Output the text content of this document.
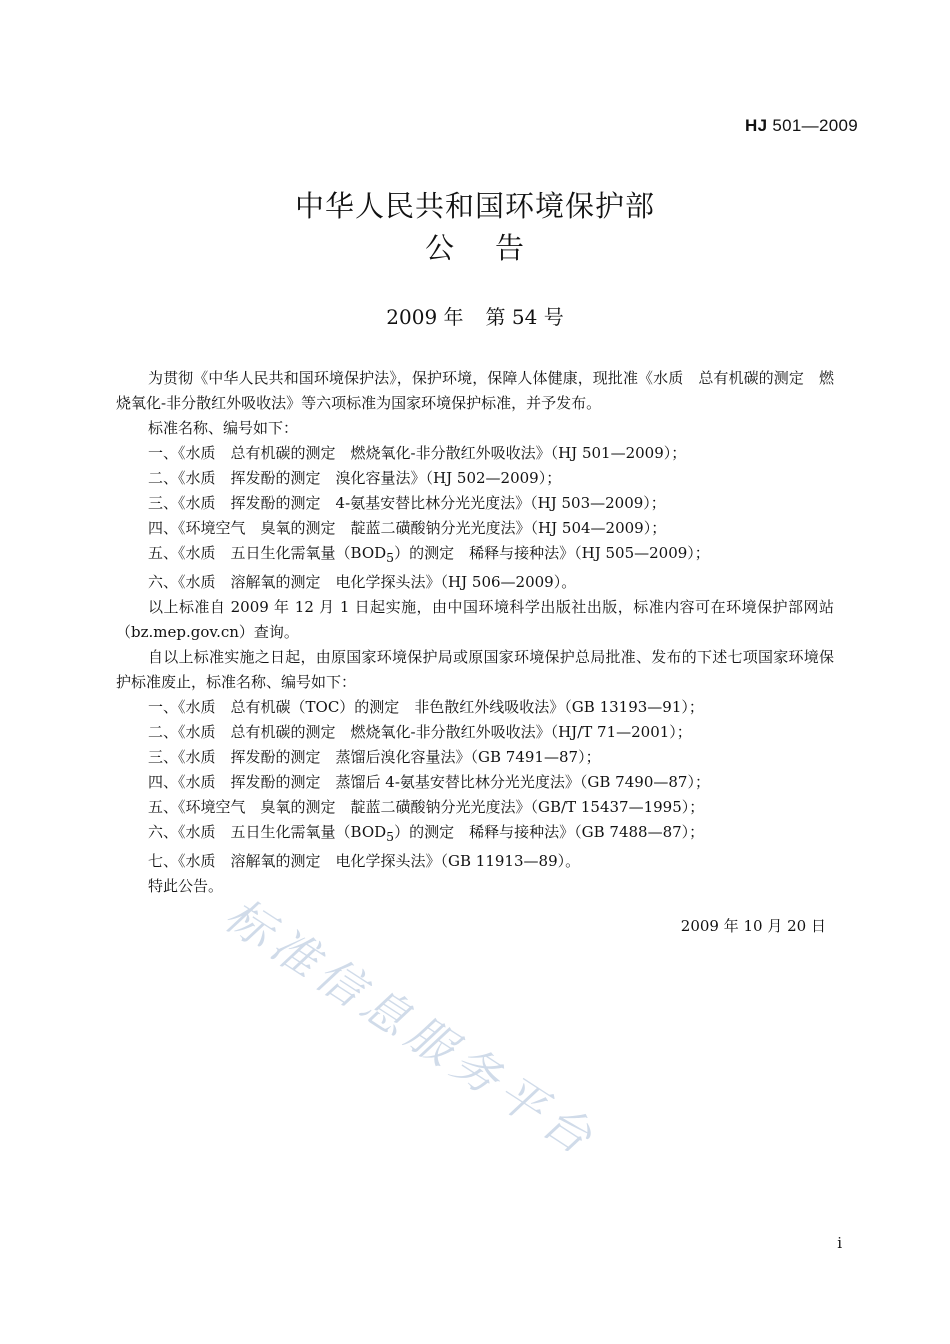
HJ 501—2009
中华人民共和国环境保护部
公 告
2009 年 第 54 号

为贯彻《中华人民共和国环境保护法》，保护环境，保障人体健康，现批准《水质 总有机碳的测定 燃烧氧化-非分散红外吸收法》等六项标准为国家环境保护标准，并予发布。

标准名称、编号如下：

一、《水质 总有机碳的测定 燃烧氧化-非分散红外吸收法》（HJ 501—2009）；

二、《水质 挥发酚的测定 溴化容量法》（HJ 502—2009）；

三、《水质 挥发酚的测定 4-氨基安替比林分光光度法》（HJ 503—2009）；

四、《环境空气 臭氧的测定 靛蓝二磺酸钠分光光度法》（HJ 504—2009）；

五、《水质 五日生化需氧量$(BOD_5)$的测定 稀释与接种法》（HJ 505—2009）；

六、《水质 溶解氧的测定 电化学探头法》（HJ 506—2009）。

以上标准自 2009 年 12 月 1 日起实施，由中国环境科学出版社出版，标准内容可在环境保护部网站（bz.mep.gov.cn）查询。

自以上标准实施之日起，由原国家环境保护局或原国家环境保护总局批准、发布的下述七项国家环境保护标准废止，标准名称、编号如下：

一、《水质 总有机碳（TOC）的测定 非色散红外线吸收法》（GB 13193—91）；

二、《水质 总有机碳的测定 燃烧氧化-非分散红外吸收法》（HJ/T 71—2001）；

三、《水质 挥发酚的测定 蒸馏后溴化容量法》（GB 7491—87）；

四、《水质 挥发酚的测定 蒸馏后 4-氨基安替比林分光光度法》（GB 7490—87）；

五、《环境空气 臭氧的测定 靛蓝二磺酸钠分光光度法》（GB/T 15437—1995）；

六、《水质 五日生化需氧量$(BOD_5)$的测定 稀释与接种法》（GB 7488—87）；

七、《水质 溶解氧的测定 电化学探头法》（GB 11913—89）。

特此公告。

2009 年 10 月 20 日
i
标准信息服务平台
